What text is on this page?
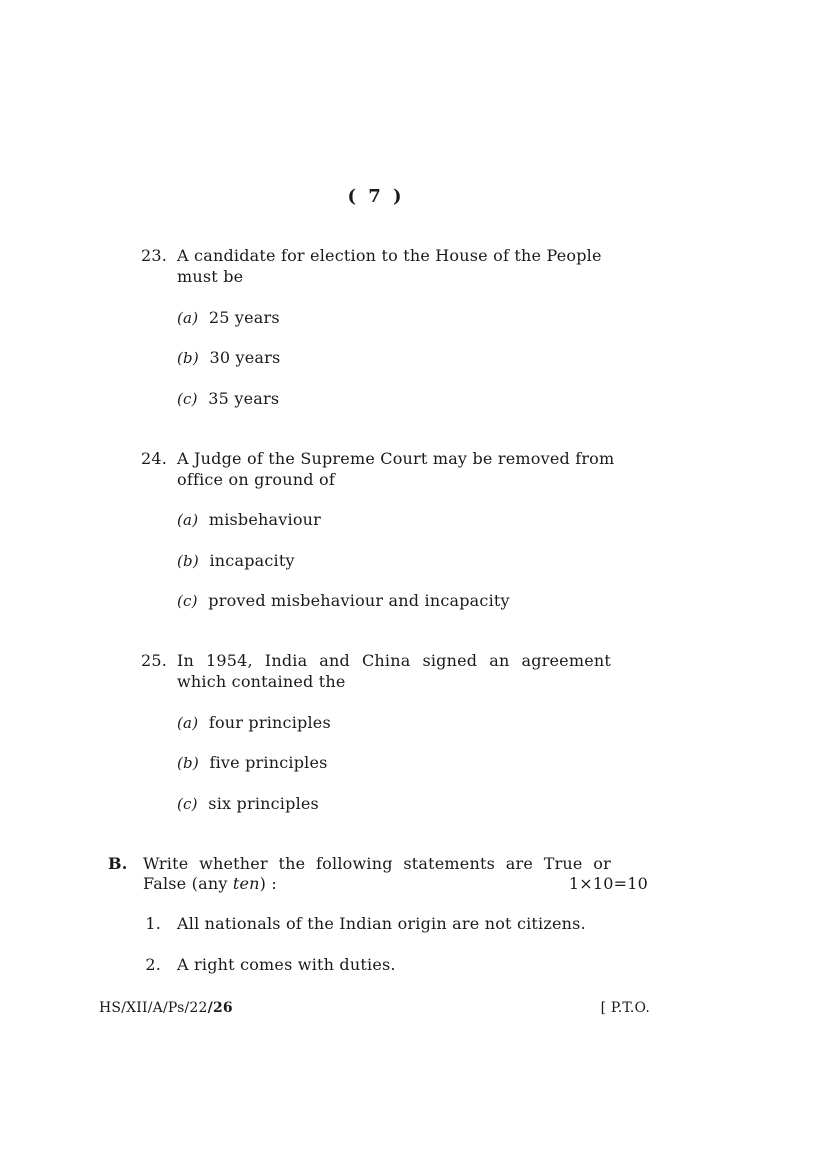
( 7 )
23. A candidate for election to the House of the People
must be
(a) 25 years
(b) 30 years
(c) 35 years
24. A Judge of the Supreme Court may be removed from
office on ground of
(a) misbehaviour
(b) incapacity
(c) proved misbehaviour and incapacity
25. In 1954, India and China signed an agreement
which contained the
(a) four principles
(b) five principles
(c) six principles
B. Write whether the following statements are True or
False (any ten) :	1×10=10
1. All nationals of the Indian origin are not citizens.
2. A right comes with duties.
HS/XII/A/Ps/22/26	[ P.T.O.
